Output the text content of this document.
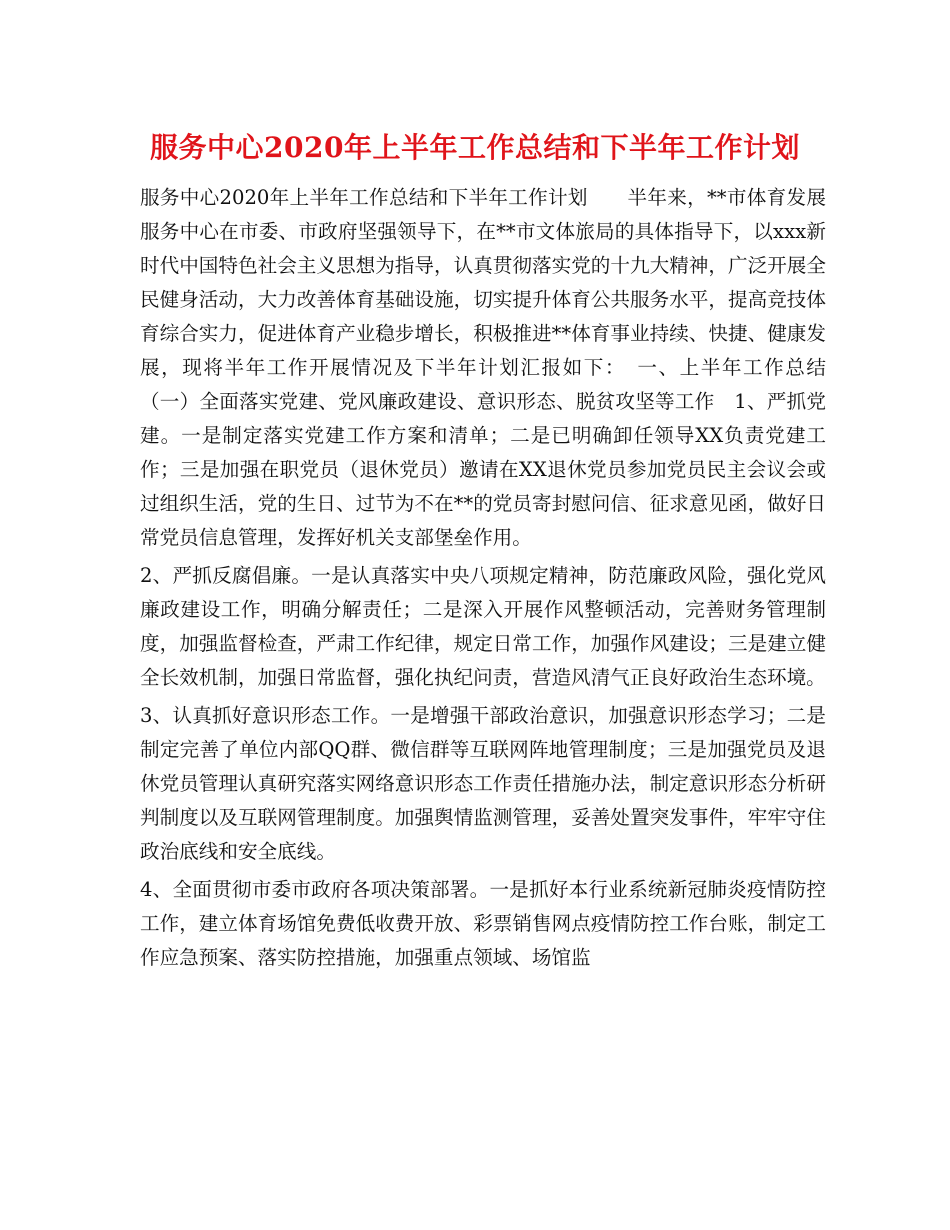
服务中心2020年上半年工作总结和下半年工作计划

服务中心2020年上半年工作总结和下半年工作计划　　半年来，**市体育发展服务中心在市委、市政府坚强领导下，在**市文体旅局的具体指导下，以xxx新时代中国特色社会主义思想为指导，认真贯彻落实党的十九大精神，广泛开展全民健身活动，大力改善体育基础设施，切实提升体育公共服务水平，提高竞技体育综合实力，促进体育产业稳步增长，积极推进**体育事业持续、快捷、健康发展，现将半年工作开展情况及下半年计划汇报如下：　一、上半年工作总结　（一）全面落实党建、党风廉政建设、意识形态、脱贫攻坚等工作　1、严抓党建。一是制定落实党建工作方案和清单；二是已明确卸任领导XX负责党建工作；三是加强在职党员（退休党员）邀请在XX退休党员参加党员民主会议会或过组织生活，党的生日、过节为不在**的党员寄封慰问信、征求意见函，做好日常党员信息管理，发挥好机关支部堡垒作用。

2、严抓反腐倡廉。一是认真落实中央八项规定精神，防范廉政风险，强化党风廉政建设工作，明确分解责任；二是深入开展作风整顿活动，完善财务管理制度，加强监督检查，严肃工作纪律，规定日常工作，加强作风建设；三是建立健全长效机制，加强日常监督，强化执纪问责，营造风清气正良好政治生态环境。

3、认真抓好意识形态工作。一是增强干部政治意识，加强意识形态学习；二是制定完善了单位内部QQ群、微信群等互联网阵地管理制度；三是加强党员及退休党员管理认真研究落实网络意识形态工作责任措施办法，制定意识形态分析研判制度以及互联网管理制度。加强舆情监测管理，妥善处置突发事件，牢牢守住政治底线和安全底线。

4、全面贯彻市委市政府各项决策部署。一是抓好本行业系统新冠肺炎疫情防控工作，建立体育场馆免费低收费开放、彩票销售网点疫情防控工作台账，制定工作应急预案、落实防控措施，加强重点领域、场馆监
